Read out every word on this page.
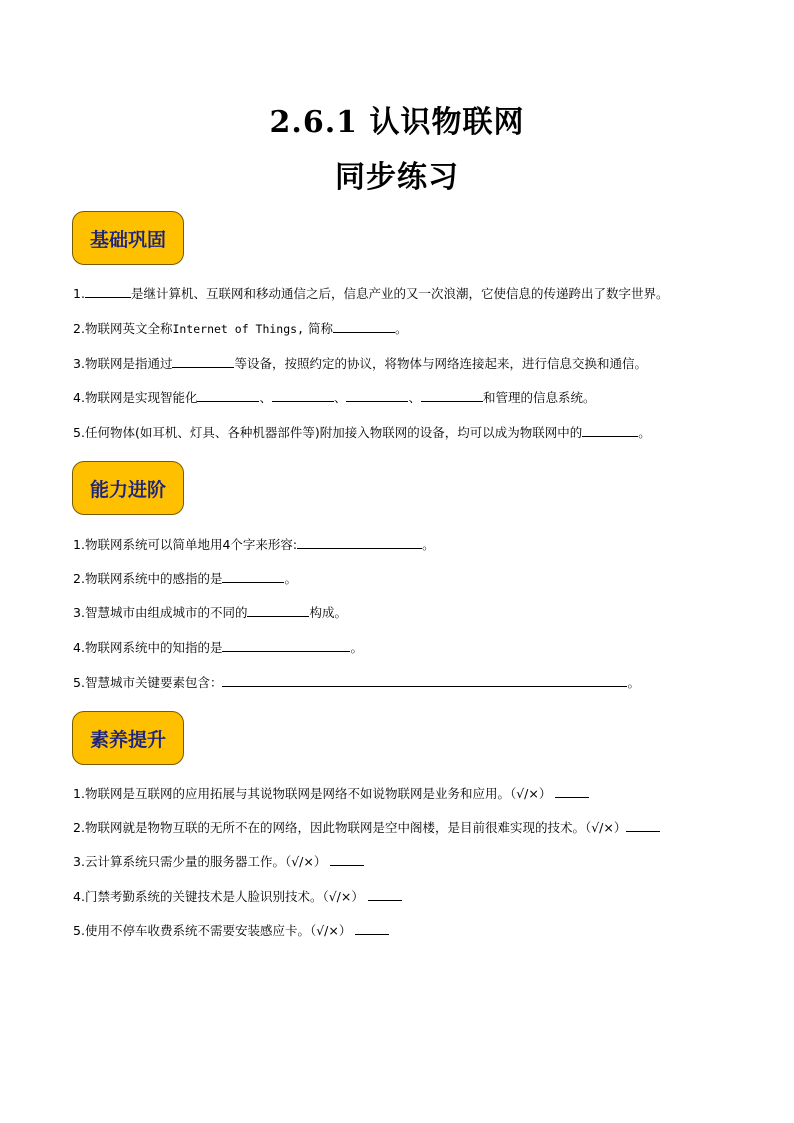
2.6.1 认识物联网
同步练习
基础巩固
1.	是继计算机、互联网和移动通信之后，信息产业的又一次浪潮，它使信息的传递跨出了数字世界。
2.物联网英文全称Internet of Things, 简称	。
3.物联网是指通过	等设备，按照约定的协议，将物体与网络连接起来，进行信息交换和通信。
4.物联网是实现智能化	、	、	、	和管理的信息系统。
5.任何物体(如耳机、灯具、各种机器部件等)附加接入物联网的设备，均可以成为物联网中的	。
能力进阶
1.物联网系统可以简单地用4个字来形容:	。
2.物联网系统中的感指的是	。
3.智慧城市由组成城市的不同的	构成。
4.物联网系统中的知指的是	。
5.智慧城市关键要素包含：	。
素养提升
1.物联网是互联网的应用拓展与其说物联网是网络不如说物联网是业务和应用。（√/×）
2.物联网就是物物互联的无所不在的网络，因此物联网是空中阁楼，是目前很难实现的技术。（√/×）
3.云计算系统只需少量的服务器工作。（√/×）
4.门禁考勤系统的关键技术是人脸识别技术。（√/×）
5.使用不停车收费系统不需要安装感应卡。（√/×）
